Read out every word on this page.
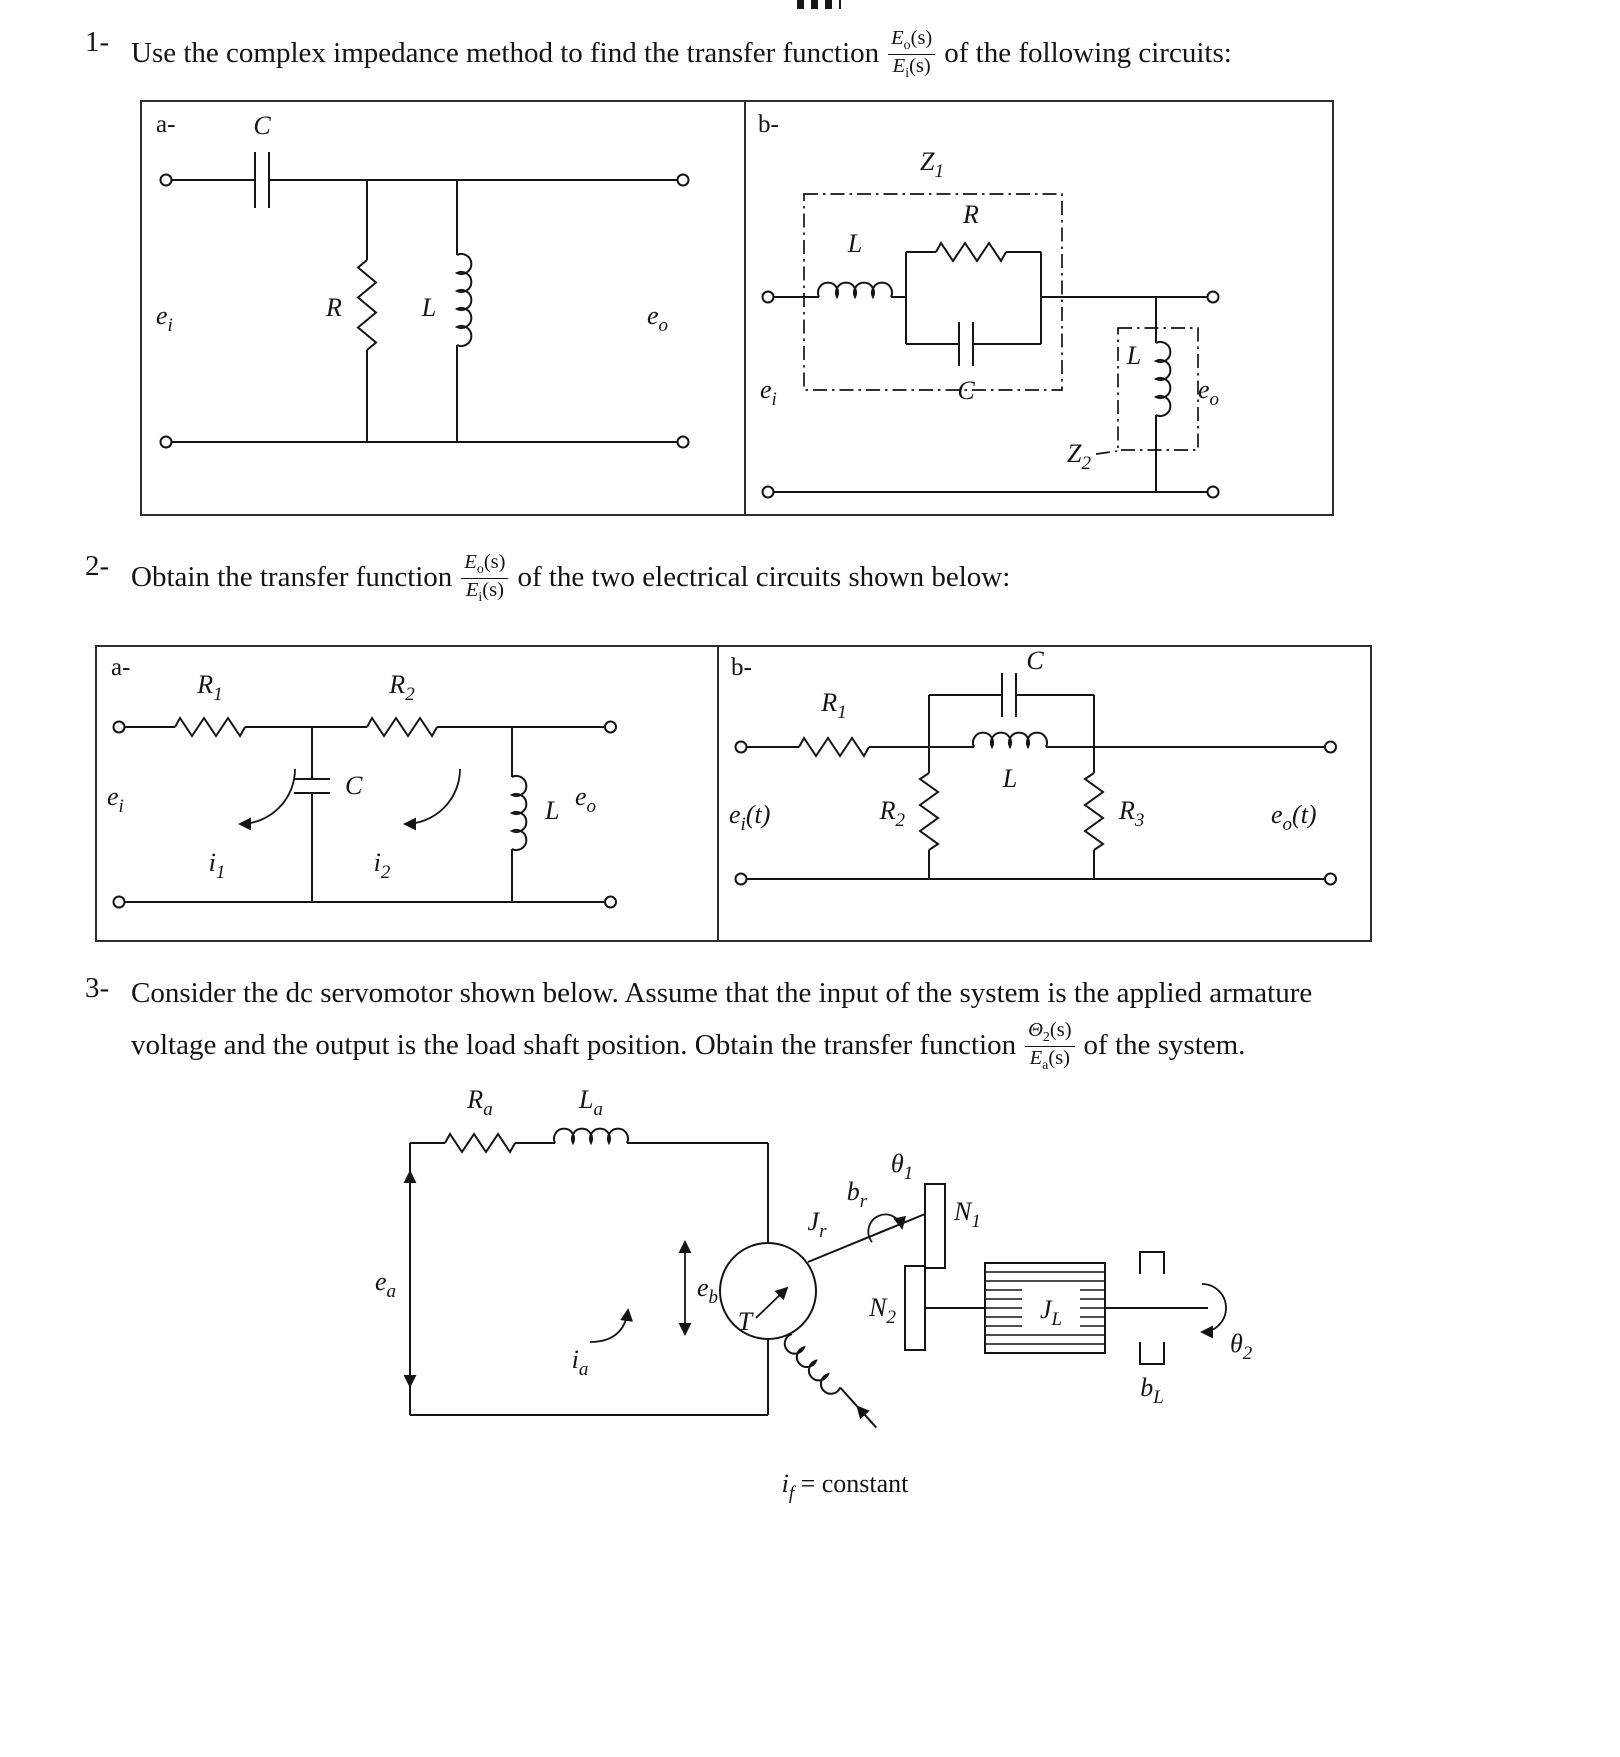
1- Use the complex impedance method to find the transfer function $\frac{E_o(s)}{E_i(s)}$ of the following circuits:
a-	C
R	L
$e_i$	$e_o$
b-
$Z_1$
L
R
C
L
$Z_2$
$e_i$	$e_o$
2- Obtain the transfer function $\frac{E_o(s)}{E_i(s)}$ of the two electrical circuits shown below:
a-
$R_1$	$R_2$
C
L
$e_i$	$e_o$
$i_1$	$i_2$
b-
$R_1$
C
L
$R_2$	$R_3$
$e_i(t)$	$e_o(t)$
3- Consider the dc servomotor shown below. Assume that the input of the system is the applied armature
voltage and the output is the load shaft position. Obtain the transfer function $\frac{\Theta_2(s)}{E_a(s)}$ of the system.
$R_a$	$L_a$
$e_a$	$e_b$
$i_a$
T
$J_r$
$b_r$
$\theta_1$
$N_1$
$N_2$	$J_L$
$b_L$
$\theta_2$
$i_f$ = constant
